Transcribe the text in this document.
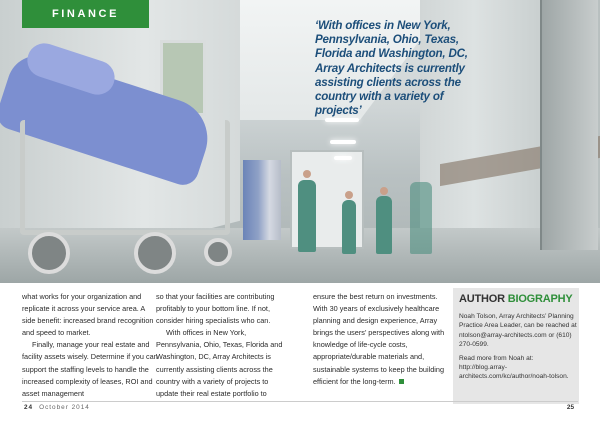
FINANCE
‘With offices in New York, Pennsylvania, Ohio, Texas, Florida and Washington, DC, Array Architects is currently assisting clients across the country with a variety of projects’

what works for your organization and replicate it across your service area. A side benefit: increased brand recognition and speed to market.

Finally, manage your real estate and facility assets wisely. Determine if you can support the staffing levels to handle the increased complexity of leases, ROI and asset management

so that your facilities are contributing profitably to your bottom line. If not, consider hiring specialists who can.

With offices in New York, Pennsylvania, Ohio, Texas, Florida and Washington, DC, Array Architects is currently assisting clients across the country with a variety of projects to update their real estate portfolio to

ensure the best return on investments. With 30 years of exclusively healthcare planning and design experience, Array brings the users’ perspectives along with knowledge of life-cycle costs, appropriate/durable materials and, sustainable systems to keep the building efficient for the long-term.

AUTHOR BIOGRAPHY

Noah Tolson, Array Architects’ Planning Practice Area Leader, can be reached at ntolson@array-architects.com or (610) 270-0599.

Read more from Noah at: http://blog.array-architects.com/kc/author/noah-tolson.

24 October 2014	25
